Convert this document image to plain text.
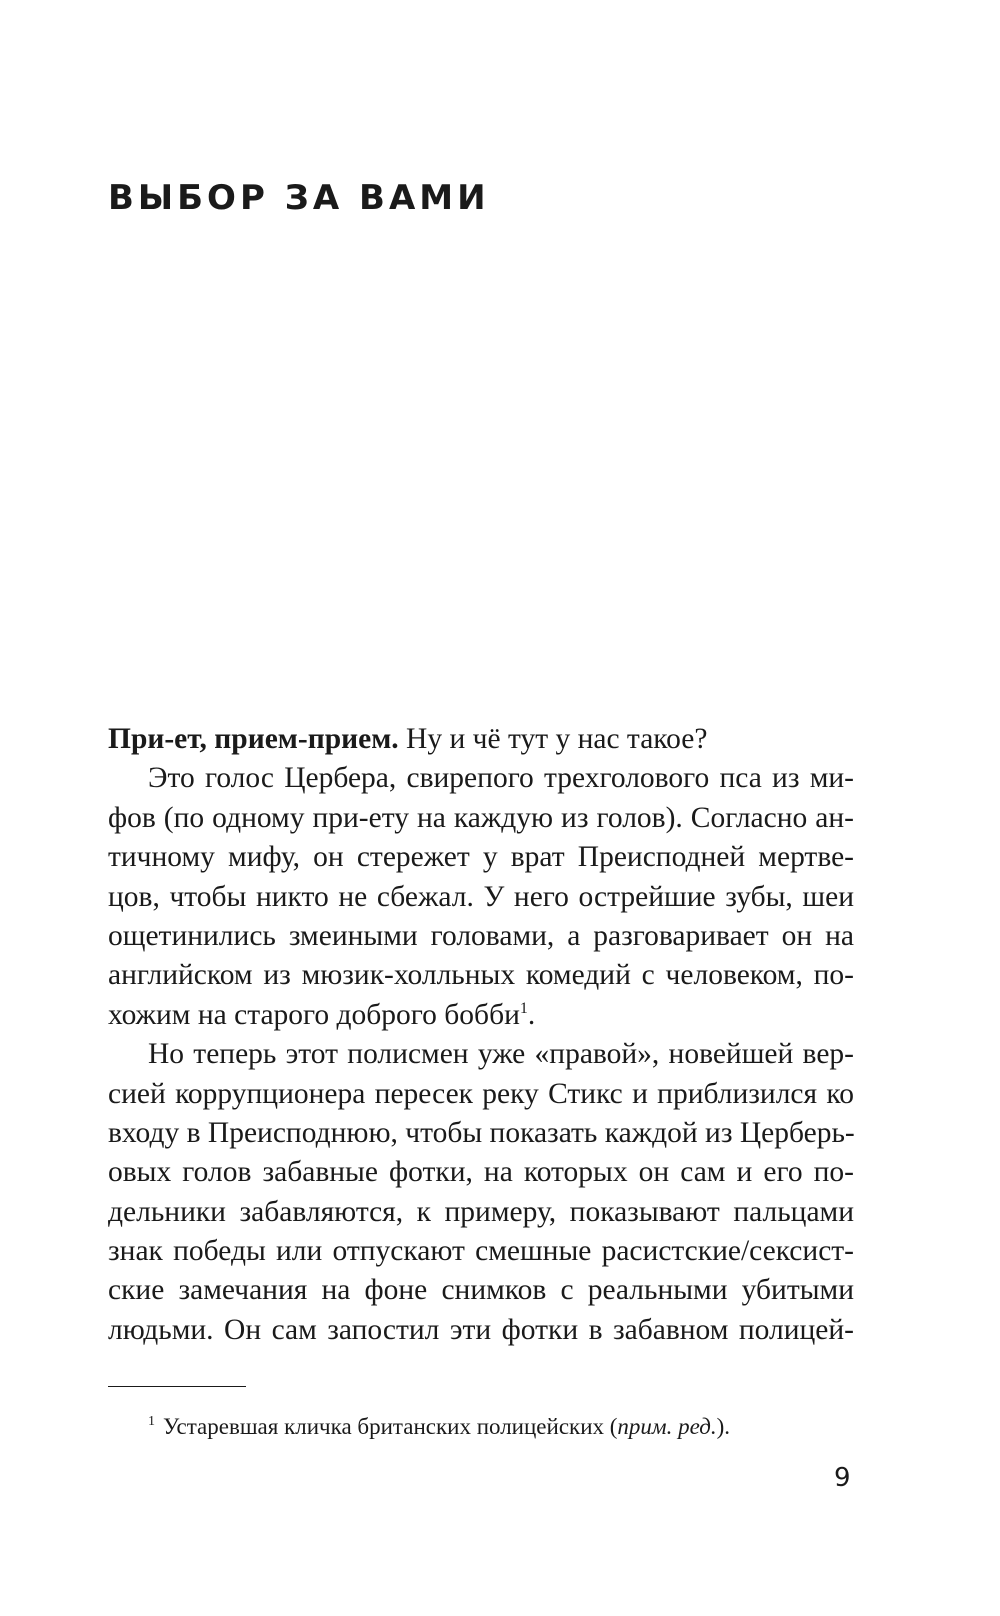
ВЫБОР ЗА ВАМИ
При-ет, прием-прием. Ну и чё тут у нас такое?
Это голос Цербера, свирепого трехголового пса из ми-
фов (по одному при-ету на каждую из голов). Согласно ан-
тичному мифу, он стережет у врат Преисподней мертве-
цов, чтобы никто не сбежал. У него острейшие зубы, шеи
ощетинились змеиными головами, а разговаривает он на
английском из мюзик-холльных комедий с человеком, по-
хожим на старого доброго бобби$^1$.
Но теперь этот полисмен уже «правой», новейшей вер-
сией коррупционера пересек реку Стикс и приблизился ко
входу в Преисподнюю, чтобы показать каждой из Церберь-
овых голов забавные фотки, на которых он сам и его по-
дельники забавляются, к примеру, показывают пальцами
знак победы или отпускают смешные расистские/сексист-
ские замечания на фоне снимков с реальными убитыми
людьми. Он сам запостил эти фотки в забавном полицей-
$^1$ Устаревшая кличка британских полицейских (прим. ред.).
9
